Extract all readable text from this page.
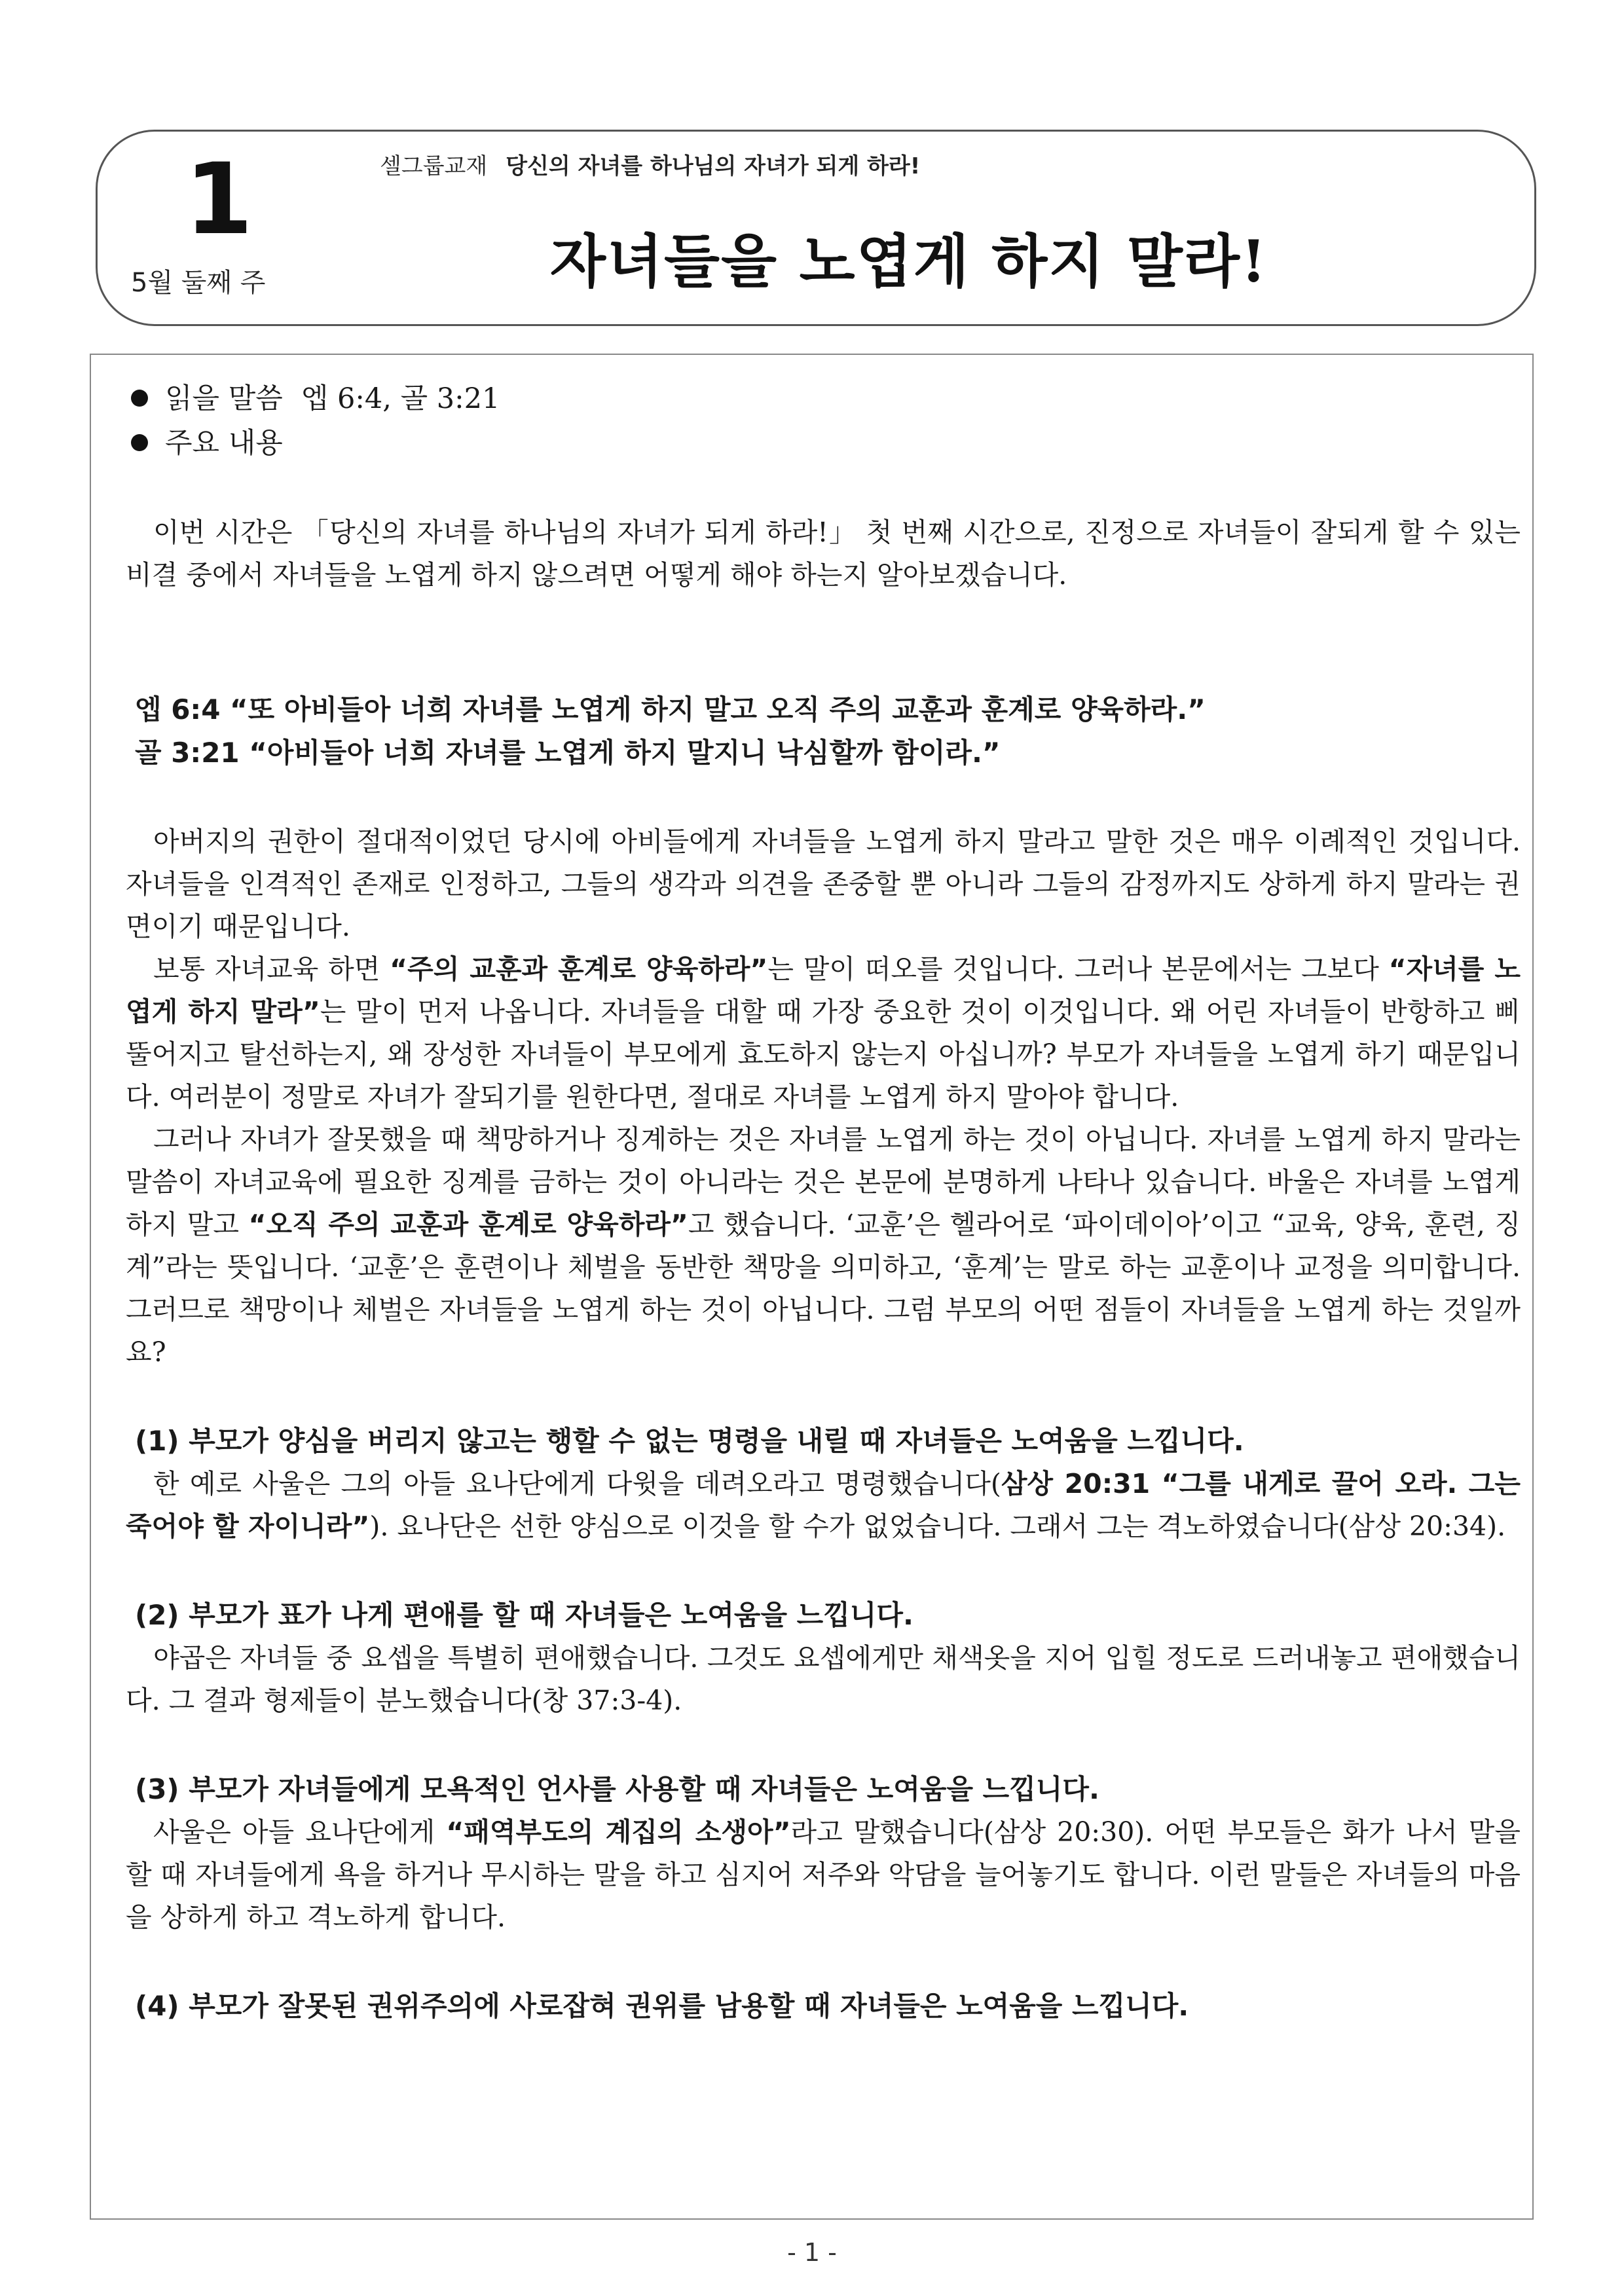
1
5월 둘째 주
셀그룹교재 당신의 자녀를 하나님의 자녀가 되게 하라!
자녀들을 노엽게 하지 말라!
읽을 말씀 엡 6:4, 골 3:21
주요 내용

이번 시간은 「당신의 자녀를 하나님의 자녀가 되게 하라!」 첫 번째 시간으로, 진정으로 자녀들이 잘되게 할 수 있는 비결 중에서 자녀들을 노엽게 하지 않으려면 어떻게 해야 하는지 알아보겠습니다.

엡 6:4 “또 아비들아 너희 자녀를 노엽게 하지 말고 오직 주의 교훈과 훈계로 양육하라.”
골 3:21 “아비들아 너희 자녀를 노엽게 하지 말지니 낙심할까 함이라.”

아버지의 권한이 절대적이었던 당시에 아비들에게 자녀들을 노엽게 하지 말라고 말한 것은 매우 이례적인 것입니다. 자녀들을 인격적인 존재로 인정하고, 그들의 생각과 의견을 존중할 뿐 아니라 그들의 감정까지도 상하게 하지 말라는 권면이기 때문입니다.

보통 자녀교육 하면 “주의 교훈과 훈계로 양육하라”는 말이 떠오를 것입니다. 그러나 본문에서는 그보다 “자녀를 노엽게 하지 말라”는 말이 먼저 나옵니다. 자녀들을 대할 때 가장 중요한 것이 이것입니다. 왜 어린 자녀들이 반항하고 삐뚤어지고 탈선하는지, 왜 장성한 자녀들이 부모에게 효도하지 않는지 아십니까? 부모가 자녀들을 노엽게 하기 때문입니다. 여러분이 정말로 자녀가 잘되기를 원한다면, 절대로 자녀를 노엽게 하지 말아야 합니다.

그러나 자녀가 잘못했을 때 책망하거나 징계하는 것은 자녀를 노엽게 하는 것이 아닙니다. 자녀를 노엽게 하지 말라는 말씀이 자녀교육에 필요한 징계를 금하는 것이 아니라는 것은 본문에 분명하게 나타나 있습니다. 바울은 자녀를 노엽게 하지 말고 “오직 주의 교훈과 훈계로 양육하라”고 했습니다. ‘교훈’은 헬라어로 ‘파이데이아’이고 “교육, 양육, 훈련, 징계”라는 뜻입니다. ‘교훈’은 훈련이나 체벌을 동반한 책망을 의미하고, ‘훈계’는 말로 하는 교훈이나 교정을 의미합니다. 그러므로 책망이나 체벌은 자녀들을 노엽게 하는 것이 아닙니다. 그럼 부모의 어떤 점들이 자녀들을 노엽게 하는 것일까요?

(1) 부모가 양심을 버리지 않고는 행할 수 없는 명령을 내릴 때 자녀들은 노여움을 느낍니다.

한 예로 사울은 그의 아들 요나단에게 다윗을 데려오라고 명령했습니다(삼상 20:31 “그를 내게로 끌어 오라. 그는 죽어야 할 자이니라”). 요나단은 선한 양심으로 이것을 할 수가 없었습니다. 그래서 그는 격노하였습니다(삼상 20:34).

(2) 부모가 표가 나게 편애를 할 때 자녀들은 노여움을 느낍니다.

야곱은 자녀들 중 요셉을 특별히 편애했습니다. 그것도 요셉에게만 채색옷을 지어 입힐 정도로 드러내놓고 편애했습니다. 그 결과 형제들이 분노했습니다(창 37:3-4).

(3) 부모가 자녀들에게 모욕적인 언사를 사용할 때 자녀들은 노여움을 느낍니다.

사울은 아들 요나단에게 “패역부도의 계집의 소생아”라고 말했습니다(삼상 20:30). 어떤 부모들은 화가 나서 말을 할 때 자녀들에게 욕을 하거나 무시하는 말을 하고 심지어 저주와 악담을 늘어놓기도 합니다. 이런 말들은 자녀들의 마음을 상하게 하고 격노하게 합니다.

(4) 부모가 잘못된 권위주의에 사로잡혀 권위를 남용할 때 자녀들은 노여움을 느낍니다.
- 1 -
